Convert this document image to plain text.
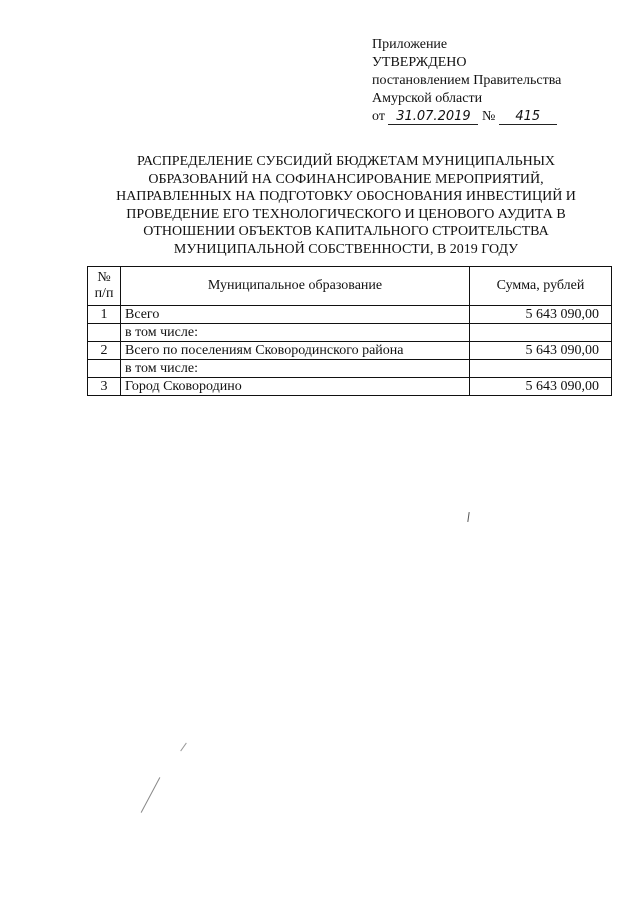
Приложение
УТВЕРЖДЕНО
постановлением Правительства
Амурской области
от 31.07.2019 № 415
РАСПРЕДЕЛЕНИЕ СУБСИДИЙ БЮДЖЕТАМ МУНИЦИПАЛЬНЫХ
ОБРАЗОВАНИЙ НА СОФИНАНСИРОВАНИЕ МЕРОПРИЯТИЙ,
НАПРАВЛЕННЫХ НА ПОДГОТОВКУ ОБОСНОВАНИЯ ИНВЕСТИЦИЙ И
ПРОВЕДЕНИЕ ЕГО ТЕХНОЛОГИЧЕСКОГО И ЦЕНОВОГО АУДИТА В
ОТНОШЕНИИ ОБЪЕКТОВ КАПИТАЛЬНОГО СТРОИТЕЛЬСТВА
МУНИЦИПАЛЬНОЙ СОБСТВЕННОСТИ, В 2019 ГОДУ
№
п/п	Муниципальное образование	Сумма, рублей
1	Всего	5 643 090,00
	в том числе:	
2	Всего по поселениям Сковородинского района	5 643 090,00
	в том числе:	
3	Город Сковородино	5 643 090,00
